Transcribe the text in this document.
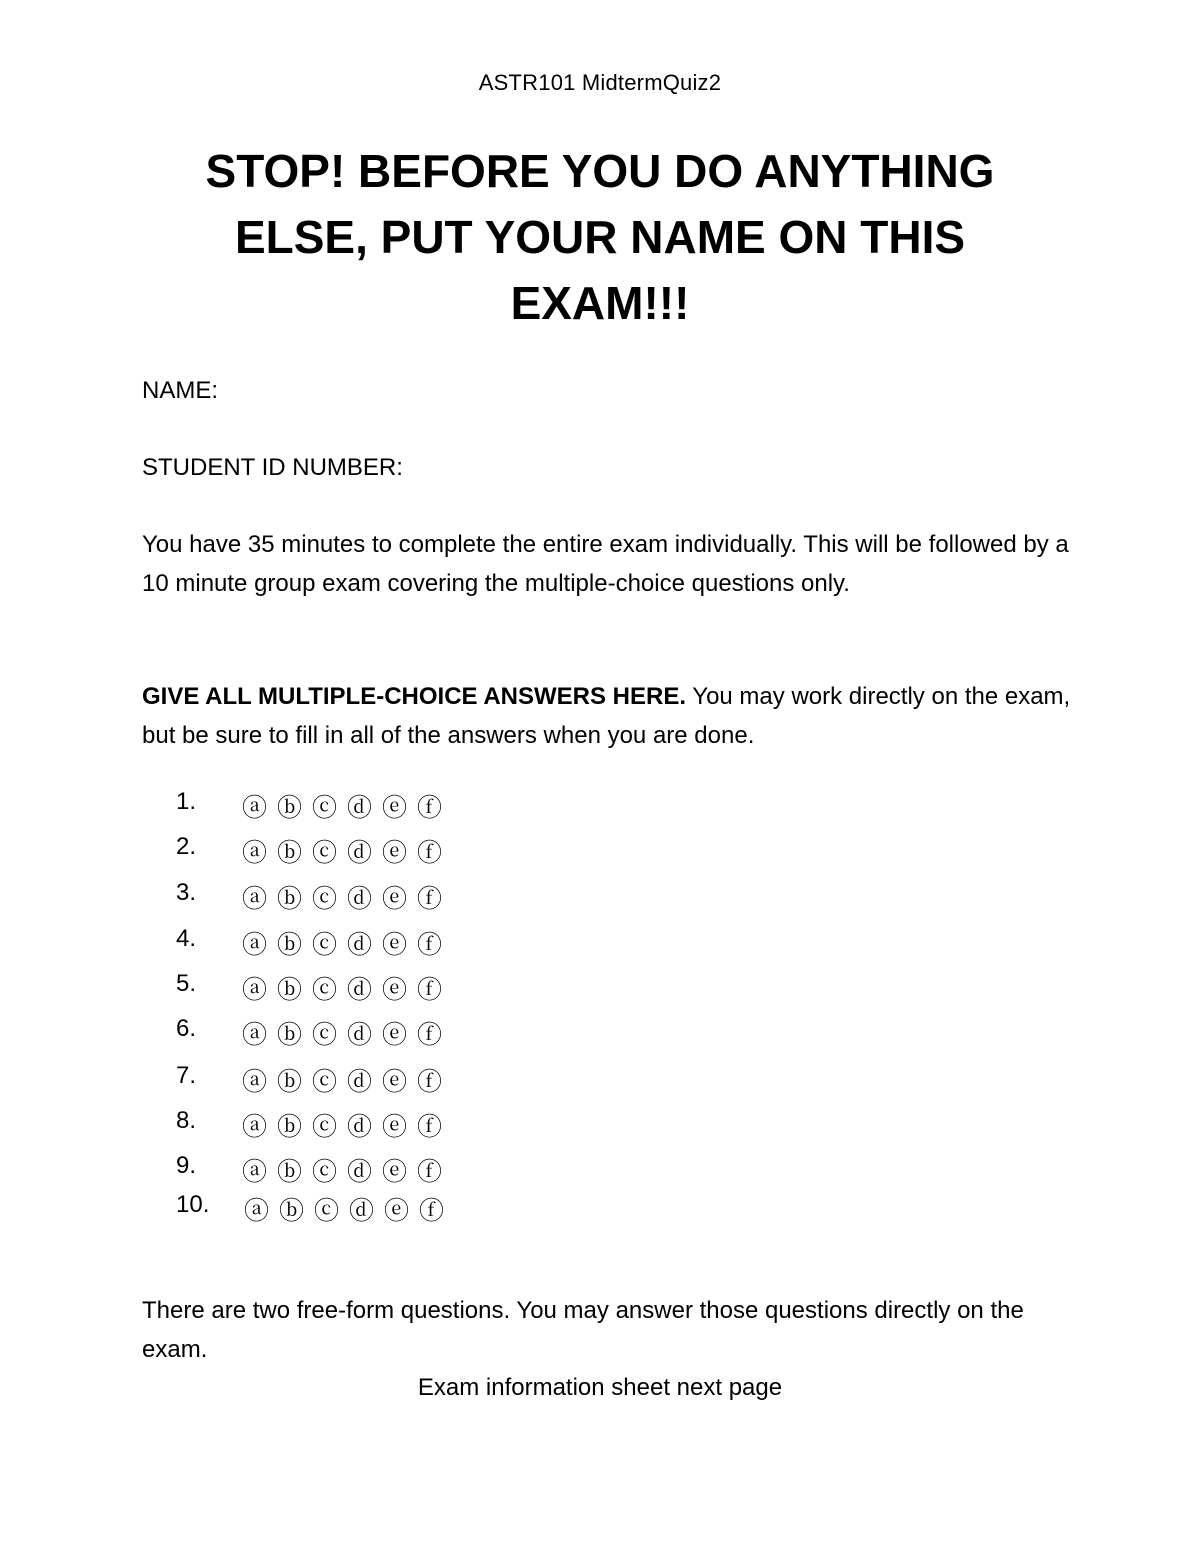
ASTR101 MidtermQuiz2
STOP! BEFORE YOU DO ANYTHING
ELSE, PUT YOUR NAME ON THIS
EXAM!!!
NAME:
STUDENT ID NUMBER:

You have 35 minutes to complete the entire exam individually. This will be followed by a 10 minute group exam covering the multiple-choice questions only.

GIVE ALL MULTIPLE-CHOICE ANSWERS HERE. You may work directly on the exam, but be sure to fill in all of the answers when you are done.

1. ⓐ ⓑ ⓒ ⓓ ⓔ ⓕ
2. ⓐ ⓑ ⓒ ⓓ ⓔ ⓕ
3. ⓐ ⓑ ⓒ ⓓ ⓔ ⓕ
4. ⓐ ⓑ ⓒ ⓓ ⓔ ⓕ
5. ⓐ ⓑ ⓒ ⓓ ⓔ ⓕ
6. ⓐ ⓑ ⓒ ⓓ ⓔ ⓕ
7. ⓐ ⓑ ⓒ ⓓ ⓔ ⓕ
8. ⓐ ⓑ ⓒ ⓓ ⓔ ⓕ
9. ⓐ ⓑ ⓒ ⓓ ⓔ ⓕ
10. ⓐ ⓑ ⓒ ⓓ ⓔ ⓕ

There are two free-form questions. You may answer those questions directly on the exam.

Exam information sheet next page
